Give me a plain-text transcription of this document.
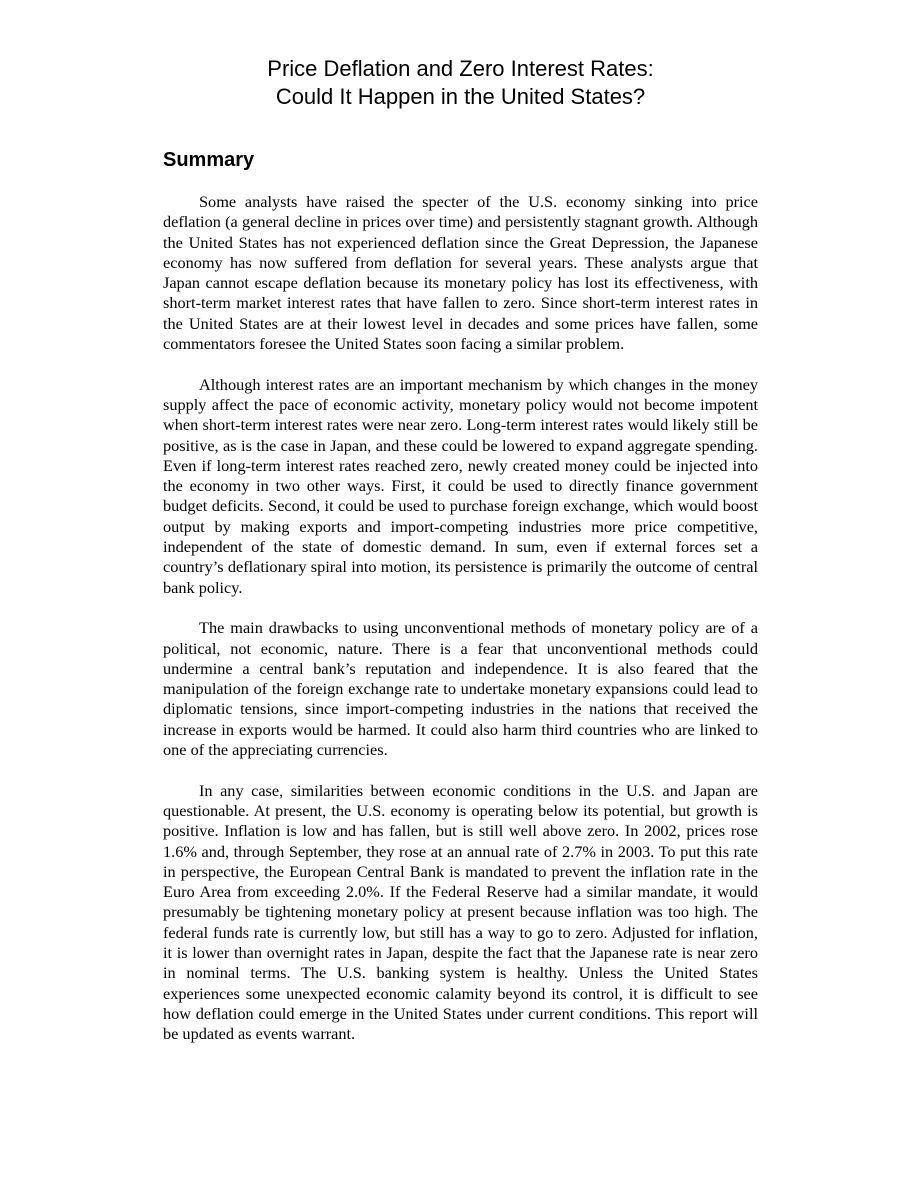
Price Deflation and Zero Interest Rates:
Could It Happen in the United States?
Summary

Some analysts have raised the specter of the U.S. economy sinking into price deflation (a general decline in prices over time) and persistently stagnant growth. Although the United States has not experienced deflation since the Great Depression, the Japanese economy has now suffered from deflation for several years. These analysts argue that Japan cannot escape deflation because its monetary policy has lost its effectiveness, with short-term market interest rates that have fallen to zero. Since short-term interest rates in the United States are at their lowest level in decades and some prices have fallen, some commentators foresee the United States soon facing a similar problem.

Although interest rates are an important mechanism by which changes in the money supply affect the pace of economic activity, monetary policy would not become impotent when short-term interest rates were near zero. Long-term interest rates would likely still be positive, as is the case in Japan, and these could be lowered to expand aggregate spending. Even if long-term interest rates reached zero, newly created money could be injected into the economy in two other ways. First, it could be used to directly finance government budget deficits. Second, it could be used to purchase foreign exchange, which would boost output by making exports and import-competing industries more price competitive, independent of the state of domestic demand. In sum, even if external forces set a country’s deflationary spiral into motion, its persistence is primarily the outcome of central bank policy.

The main drawbacks to using unconventional methods of monetary policy are of a political, not economic, nature. There is a fear that unconventional methods could undermine a central bank’s reputation and independence. It is also feared that the manipulation of the foreign exchange rate to undertake monetary expansions could lead to diplomatic tensions, since import-competing industries in the nations that received the increase in exports would be harmed. It could also harm third countries who are linked to one of the appreciating currencies.

In any case, similarities between economic conditions in the U.S. and Japan are questionable. At present, the U.S. economy is operating below its potential, but growth is positive. Inflation is low and has fallen, but is still well above zero. In 2002, prices rose 1.6% and, through September, they rose at an annual rate of 2.7% in 2003. To put this rate in perspective, the European Central Bank is mandated to prevent the inflation rate in the Euro Area from exceeding 2.0%. If the Federal Reserve had a similar mandate, it would presumably be tightening monetary policy at present because inflation was too high. The federal funds rate is currently low, but still has a way to go to zero. Adjusted for inflation, it is lower than overnight rates in Japan, despite the fact that the Japanese rate is near zero in nominal terms. The U.S. banking system is healthy. Unless the United States experiences some unexpected economic calamity beyond its control, it is difficult to see how deflation could emerge in the United States under current conditions. This report will be updated as events warrant.
